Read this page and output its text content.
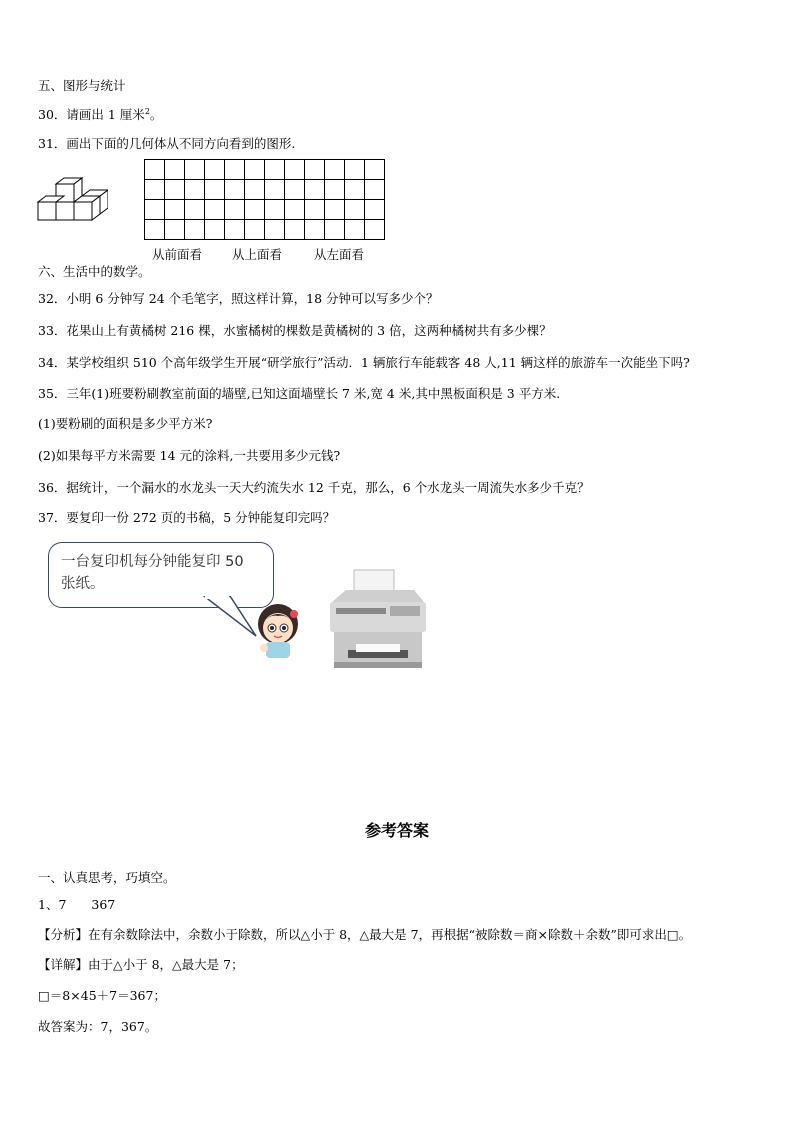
五、图形与统计
30．请画出 1 厘米$^2$。
31．画出下面的几何体从不同方向看到的图形.
从前面看 从上面看	从左面看
六、生活中的数学。
32．小明 6 分钟写 24 个毛笔字，照这样计算，18 分钟可以写多少个？
33．花果山上有黄橘树 216 棵，水蜜橘树的棵数是黄橘树的 3 倍，这两种橘树共有多少棵？
34．某学校组织 510 个高年级学生开展“研学旅行”活动．1 辆旅行车能载客 48 人,11 辆这样的旅游车一次能坐下吗?
35．三年(1)班要粉刷教室前面的墙壁,已知这面墙壁长 7 米,宽 4 米,其中黑板面积是 3 平方米.
(1)要粉刷的面积是多少平方米?
(2)如果每平方米需要 14 元的涂料,一共要用多少元钱?
36．据统计，一个漏水的水龙头一天大约流失水 12 千克，那么，6 个水龙头一周流失水多少千克？
37．要复印一份 272 页的书稿，5 分钟能复印完吗？
一台复印机每分钟能复印 50 张纸。
参考答案
一、认真思考，巧填空。
1、7　　367
【分析】在有余数除法中，余数小于除数，所以△小于 8，△最大是 7，再根据“被除数＝商×除数＋余数”即可求出□。
【详解】由于△小于 8，△最大是 7；
□＝8×45＋7＝367；
故答案为：7，367。
